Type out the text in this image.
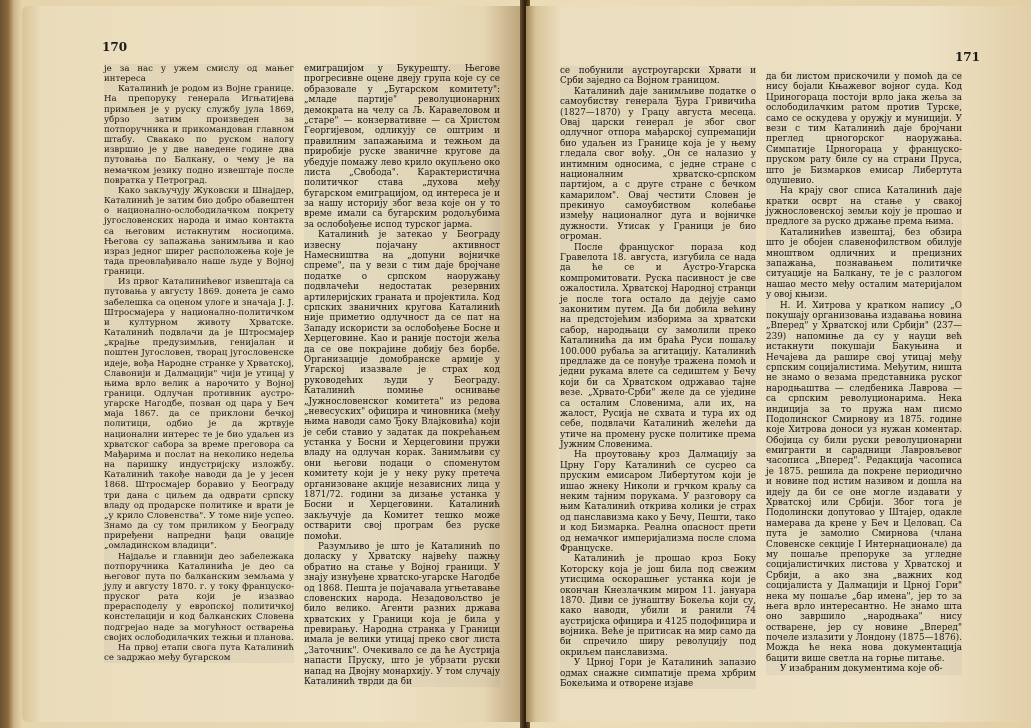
170

је за нас у ужем смислу од мањег интереса

Каталинић је родом из Војне границе. На препоруку генерала Игњатијева примљен је у руску службу јула 1869, убрзо затим произведен за потпоручника и прикомандован главном штабу. Свакако по руском налогу извршио је у две наведене године два путовања по Балкану, о чему је на немачком језику подно извештаје после повратка у Петроград.

Како закључују Жуковски и Шнајдер, Каталинић је затим био добро обавештен о национално-ослободилачком покрету југословенских народа и имао контакта са његовим истакнутим носиоцима. Његова су запажања занимљива и као израз једног ширег расположења које је тада преовлађивало наше људе у Војној граници.

Из првог Каталинићевог извештаја са путовања у августу 1869. донета је само забелешка са оценом улоге и значаја Ј. Ј. Штросмајера у национално-политичком и културном животу Хрватске. Каталинић подвлачи да је Штросмајер „крајње предузимљив, генијалан и поштен Југословен, творац југословенске идеје, вођа Народне странке у Хрватској, Славонији и Далмацији" чији је утицај у њима врло велик а нарочито у Војној граници. Одлучан противник аустро-угарске Нагодбе, позван од цара у Беч маја 1867. да се приклони бечкој политици, одбио је да жртвује национални интерес те је био удаљен из хрватског сабора за време преговора са Мађарима и послат на неколико недеља на паришку индустријску изложбу. Каталинић такође наводи да је у јесен 1868. Штросмајер боравио у Београду три дана с циљем да одврати српску владу од продарске политике и врати је „у крило Словенства". У томе није успео. Знамо да су том приликом у Београду приређени напредни ђаци овације „омладинском владици".

Најдаље и главнији део забележака потпоручника Каталинића је део са његовог пута по балканским земљама у јулу и августу 1870. г. у току француско-пруског рата који је изазвао прерасподелу у европској политичкој констелацији и код балканских Словена подгрејао наде за могућност остварења својих ослободилачких тежњи и планова.

На првој етапи свога пута Каталинић се задржао међу бугарском

емиграцијом у Букурешту. Његове прогресивне оцене двеју група које су се образовале у „Бугарском комитету": „младе партије" револуционарних демократа на челу са Љ. Каравеловом и „старе" — конзервативне — са Христом Георгијевом, одликују се оштрим и правилним запажањима и тежњом да приробије руске званичне кругове да убедује помажу лево крило окупљено око листа „Свобода". Карактеристична политичког става „духова међу бугарском емиграцијом, од интереса је и за нашу историју због веза које он у то време имали са бугарским родољубима за ослобођење испод турског јарма.

Каталинић је затекао у Београду извесну појачану активност Намесништва на „допуни војничке спреме", па у вези с тим даје бројчане податке о српском наоружању подвлачећи недостатак резервних артилеријских граната и пројектила. Код српских званичних кругова Каталинић није приметио одлучност да се пат на Западу искористи за ослобођење Босне и Херцеговине. Као и раније постоји жеља да се ове покрајине добију без борбе. Организације домобранске армије у Угарској изазвале је страх код руководећих људи у Београду. Каталинић помиње оснивање „Јужнословенског комитета" из редова „невесуских" официра и чиновника (међу њима наводи само Ђоку Влајковића) који је себи ставио у задатак да покрећањем устанка у Босни и Херцеговини пружи владу на одлучан корак. Занимљиви су они његови подаци о споменутом комитету који је у неку руку претеча организоване акције независних лица у 1871/72. години за дизање устанка у Босни и Херцеговини. Каталинић закључује да Комитет тешко може остварити свој програм без руске помоћи.

Разумљиво је што је Каталинић по доласку у Хрватску највећу пажњу обратио на стање у Војној граници. У знају изнуђене хрватско-угарске Нагодбе од 1868. Пешта је појачавала угњетавање словенских народа. Незадовољство је било велико. Агенти разних држава хрватских у Граници која је била у превирању. Народна странка у Граници имала је велики утицај преко свог листа „Заточник". Очекивало се да ће Аустрија напасти Пруску, што је убрзати руски напад на Двојну монархију. У том случају Каталинић тврди да би

171

се побунили аустроугарски Хрвати и Срби заједно са Војном границом.

Каталинић даје занимљиве податке о самоубиству генерала Ђура Гривичића (1827—1870) у Грацу августа месеца. Овај царски генерал је због свог одлучног отпора мађарској супремацији био удаљен из Границе која је у њему гледала свог вођу. „Он се налазио у интимним односима, с једне стране с националним хрватско-српском партијом, а с друге стране с бечком камарилом". Овај честити Словен је прекинуо самоубиством колебање између националног дуга и војничке дужности. Утисак у Граници је био огроман.

После француског пораза код Гравелота 18. августа, изгубила се нада да ће се и Аустро-Угарска компромитовати. Руска пасивност је све ожалостила. Хрватској Народној странци је после тога остало да дејује само законитим путем. Да би добила већину на предстојећим изборима за хрватски сабор, народњаци су замолили преко Каталинића да им браћа Руси пошаљу 100.000 рубаља за агитацију. Каталинић предлаже да се понуђе тражена помоћ и једни рукама влете са седиштем у Бечу који би са Хрватском одржавао тајне везе. „Хрвато-Срби" желе да се уједине са осталим Словенима, али их, на жалост, Русија не схвата и тура их од себе, подвлачи Каталинић желећи да утиче на промену руске политике према Јужним Словенима.

На проутовању кроз Далмацију за Црну Гору Каталинић се сусрео са пруским емисаром Либертутом који је ишао жнеку Николи и грчком краљу са неким тајним порукама. У разговору са њим Каталинић открива колики је страх од панславизма како у Бечу, Пешти, тако и код Бизмарка. Реална опасност прети од немачког империјализма после слома Француске.

Каталинић је прошао кроз Боку Которску која је још била под свежим утисцима оскорашњег устанка који је окончан Кнезлачким миром 11. јануара 1870. Диви се јунаштву Бокеља који су, како наводи, убили и ранили 74 аустријска официра и 4125 подофицира и војника. Веће је притисак на мир само да би спречило ширу револуцију под окриљем панславизма.

У Црној Гори је Каталинић запазио одмах снажне симпатије према хрбрим Бокељима и отворене изјаве

да би листом прискочили у помоћ да се нису бојали Књажевог војног суда. Код Цриногораца постоји врло јака жеља за ослободилачким ратом против Турске, само се оскудева у оружју и муницији. У вези с тим Каталинић даје бројчани преглед црногорског наоружања. Симпатије Црногораца у француско-пруском рату биле су на страни Пруса, што је Бизмарков емисар Либертута одушевио.

На крају свог списа Каталинић даје кратки осврт на стање у свакој јужнословенској земљи коју је прошао и предлоге за руско држање према њима.

Каталинићев извештај, без обзира што је обојен славенофилством обилује мноштвом одличних и прецизних запажања, познавањем политичке ситуације на Балкану, те је с разлогом нашао место међу осталим материјалом у овој књизи.

Н. И. Хитрова у кратком напису „О покушају организовања издавања новина „Вперед" у Хрватској или Србији" (237—239) напомиње да су у науци већ истакнути покушаји Бакуњина и Нечајева да рашире свој утицај међу српским социјалистима. Међутим, ништа не знамо о везама представника руског народњаштва — следбеника Лаврова — са српским револуционарима. Нека индиција за то пружа нам писмо Подолинског Смирнову из 1875. године које Хитрова доноси уз нужан коментар. Обојица су били руски револуционарни емигранти и сарадници Лавровљевог часописа „Вперед". Редакција часописа је 1875. решила да покрене периодично и новине под истим називом и дошла на идеју да би се оне могле издавати у Хрватској или Србији. Због тога је Подолински допутовао у Штајер, одакле намерава да крене у Беч и Целовац. Са пута је замолио Смирнова (члана Словенске секције I Интернационале) да му пошаље препоруке за угледне социјалистичких листова у Хрватској и Србији, а ако зна „важних код социјалиста у Далмацији и Црној Гори" нека му пошаље „бар имена", јер то за њега врло интересантно. Не знамо шта оно завршило „народњака" нису остварене, јер су новине „Вперед" почеле излазити у Лондону (1875—1876). Можда ће нека нова документација бацити више светла на горње питање.

У изабраним документима које об-
